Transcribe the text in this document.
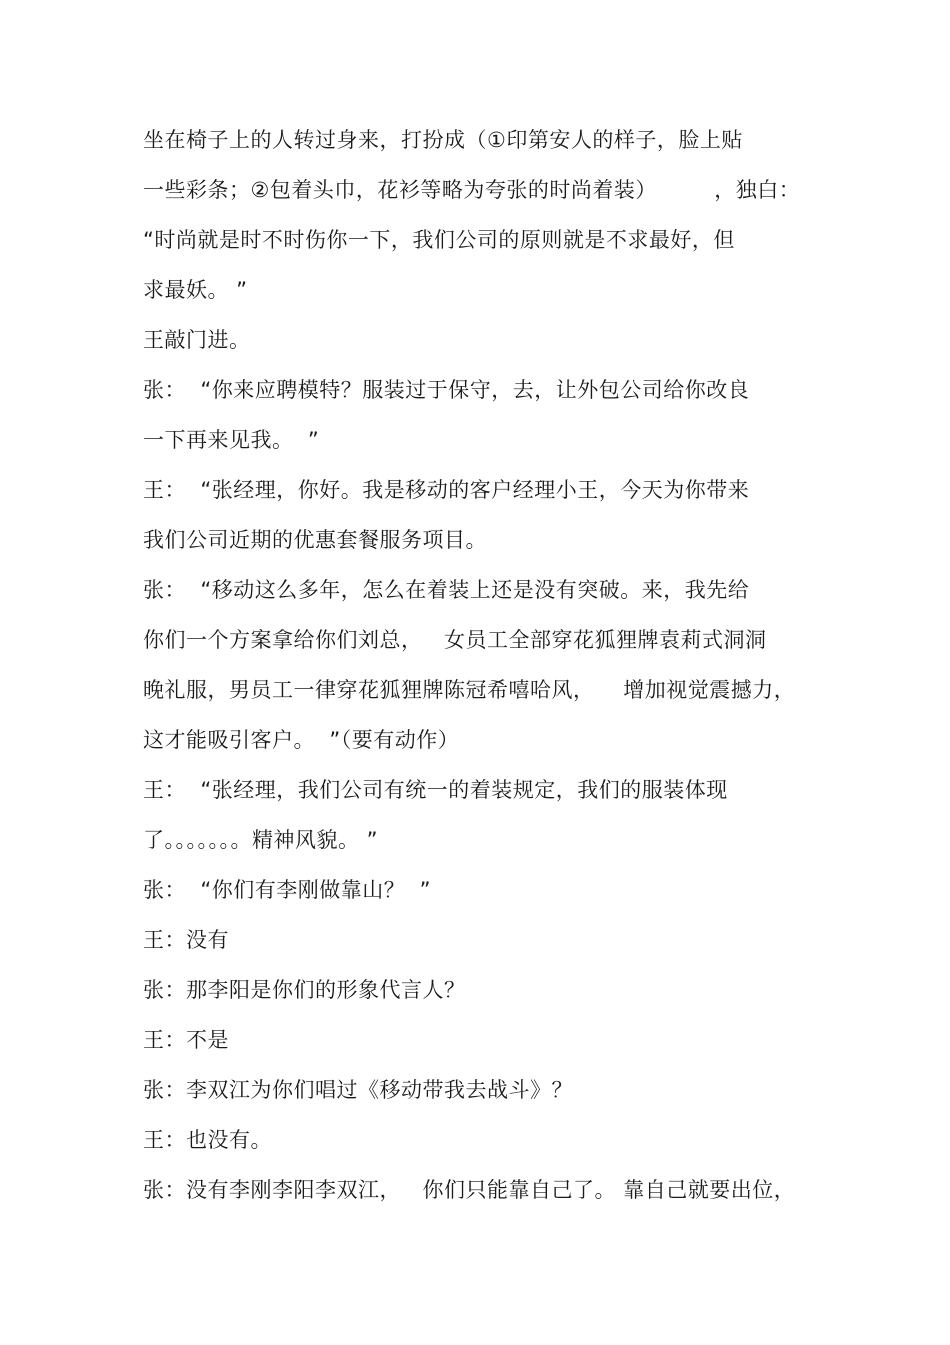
坐在椅子上的人转过身来，打扮成（①印第安人的样子，脸上贴
一些彩条；②包着头巾，花衫等略为夸张的时尚着装）        ，独白：
“时尚就是时不时伤你一下，我们公司的原则就是不求最好，但
求最妖。 ”
王敲门进。
张：  “你来应聘模特？服装过于保守，去，让外包公司给你改良
一下再来见我。  ”
王：  “张经理，你好。我是移动的客户经理小王，今天为你带来
我们公司近期的优惠套餐服务项目。
张：  “移动这么多年，怎么在着装上还是没有突破。来，我先给
你们一个方案拿给你们刘总，   女员工全部穿花狐狸牌袁莉式洞洞
晚礼服，男员工一律穿花狐狸牌陈冠希嘻哈风，    增加视觉震撼力，
这才能吸引客户。  ”（要有动作）
王：  “张经理，我们公司有统一的着装规定，我们的服装体现
了。。。。。。。精神风貌。 ”
张：  “你们有李刚做靠山？  ”
王：没有
张：那李阳是你们的形象代言人？
王：不是
张：李双江为你们唱过《移动带我去战斗》？
王：也没有。
张：没有李刚李阳李双江，   你们只能靠自己了。 靠自己就要出位，
